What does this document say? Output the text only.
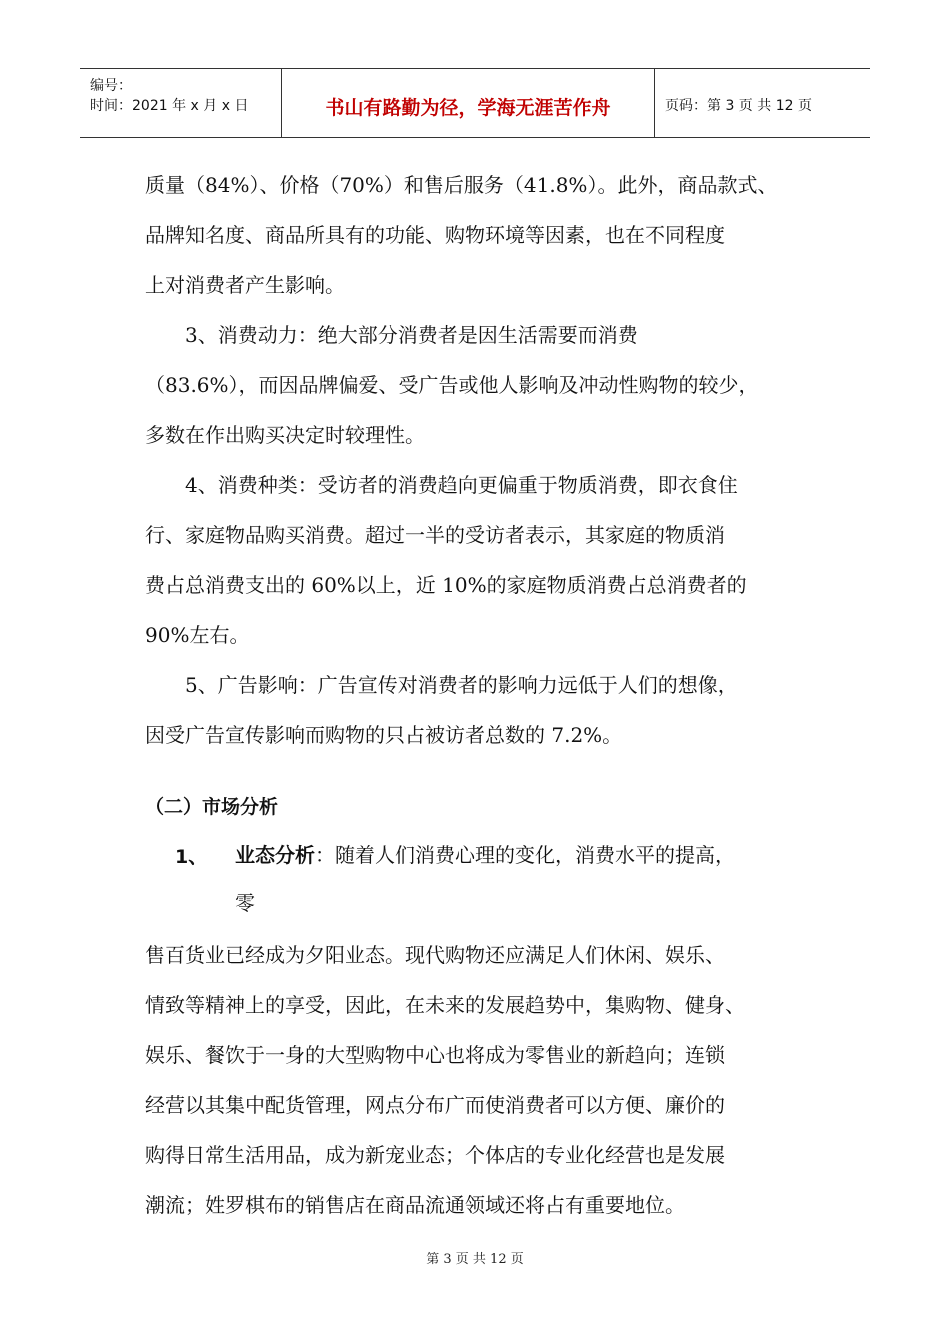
编号：
时间：2021 年 x 月 x 日	书山有路勤为径，学海无涯苦作舟	页码：第 3 页 共 12 页
质量（84%）、价格（70%）和售后服务（41.8%）。此外，商品款式、
品牌知名度、商品所具有的功能、购物环境等因素，也在不同程度
上对消费者产生影响。
3、消费动力：绝大部分消费者是因生活需要而消费
（83.6%），而因品牌偏爱、受广告或他人影响及冲动性购物的较少，
多数在作出购买决定时较理性。
4、消费种类：受访者的消费趋向更偏重于物质消费，即衣食住
行、家庭物品购买消费。超过一半的受访者表示，其家庭的物质消
费占总消费支出的 60%以上，近 10%的家庭物质消费占总消费者的
90%左右。
5、广告影响：广告宣传对消费者的影响力远低于人们的想像，
因受广告宣传影响而购物的只占被访者总数的 7.2%。
（二）市场分析
1、 业态分析：随着人们消费心理的变化，消费水平的提高，
零
售百货业已经成为夕阳业态。现代购物还应满足人们休闲、娱乐、
情致等精神上的享受，因此，在未来的发展趋势中，集购物、健身、
娱乐、餐饮于一身的大型购物中心也将成为零售业的新趋向；连锁
经营以其集中配货管理，网点分布广而使消费者可以方便、廉价的
购得日常生活用品，成为新宠业态；个体店的专业化经营也是发展
潮流；姓罗棋布的销售店在商品流通领域还将占有重要地位。
第 3 页 共 12 页
